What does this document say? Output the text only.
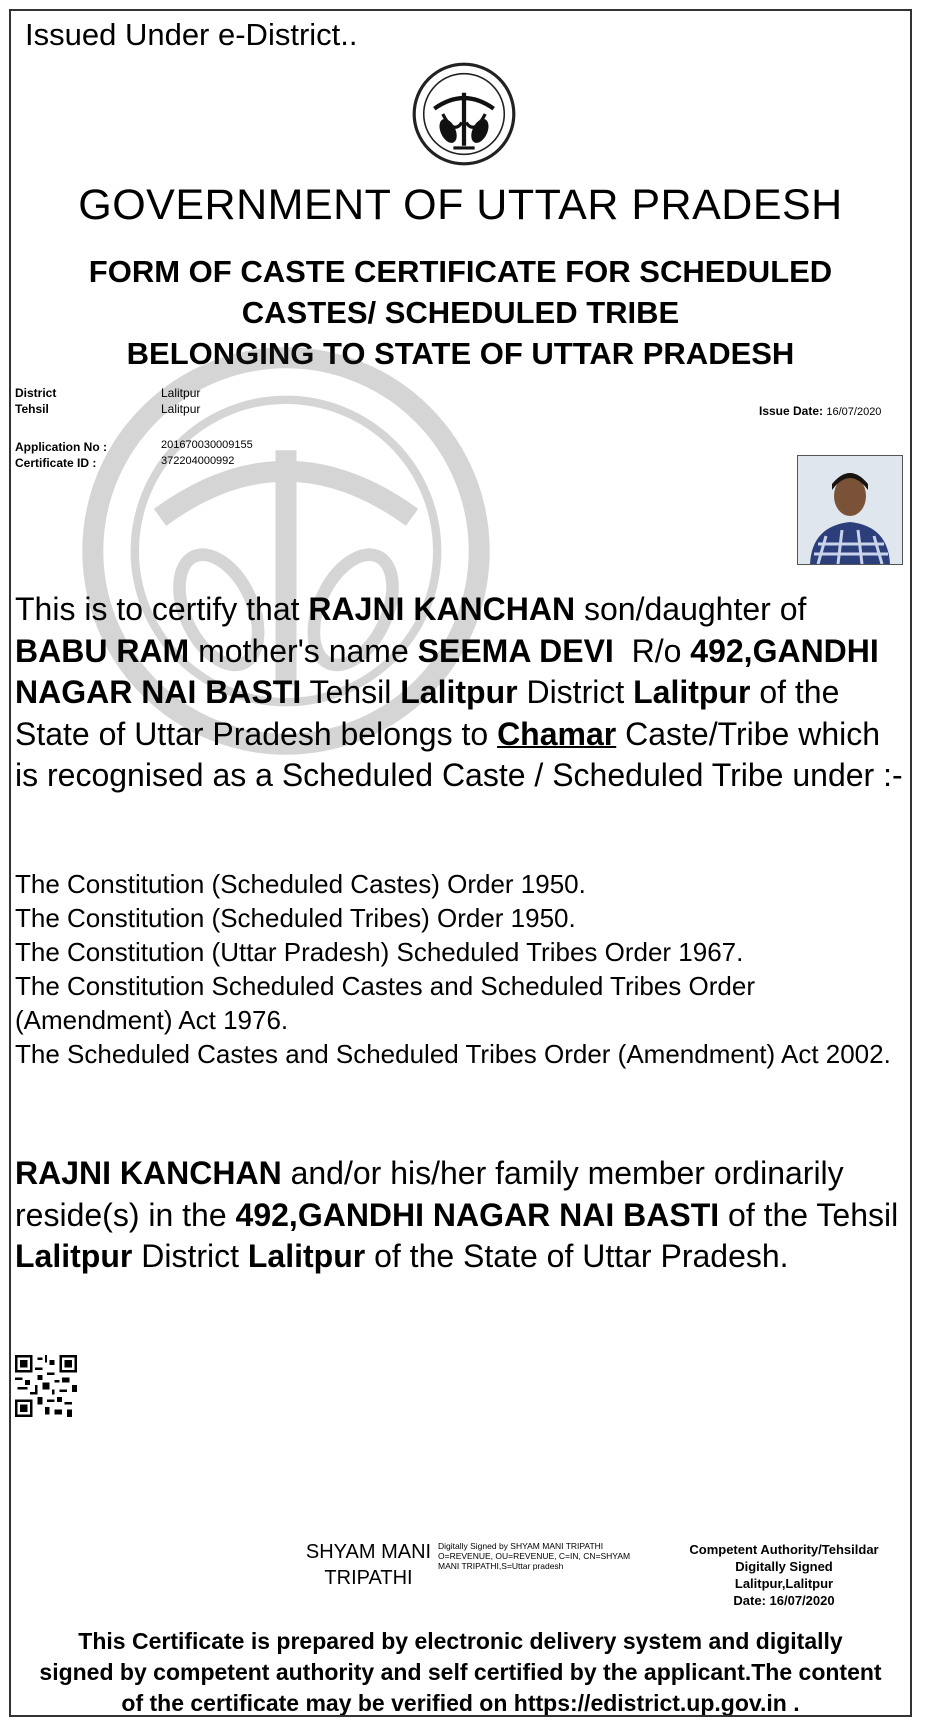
Issued Under e-District..
GOVERNMENT OF UTTAR PRADESH
FORM OF CASTE CERTIFICATE FOR SCHEDULED
CASTES/ SCHEDULED TRIBE
BELONGING TO STATE OF UTTAR PRADESH
District	Lalitpur
Tehsil	Lalitpur
Application No :	201670030009155
Certificate ID :	372204000992
Issue Date: 16/07/2020
This is to certify that RAJNI KANCHAN son/daughter of BABU RAM mother's name SEEMA DEVI R/o 492,GANDHI NAGAR NAI BASTI Tehsil Lalitpur District Lalitpur of the State of Uttar Pradesh belongs to Chamar Caste/Tribe which is recognised as a Scheduled Caste / Scheduled Tribe under :-
The Constitution (Scheduled Castes) Order 1950.
The Constitution (Scheduled Tribes) Order 1950.
The Constitution (Uttar Pradesh) Scheduled Tribes Order 1967.
The Constitution Scheduled Castes and Scheduled Tribes Order (Amendment) Act 1976.
The Scheduled Castes and Scheduled Tribes Order (Amendment) Act 2002.
RAJNI KANCHAN and/or his/her family member ordinarily reside(s) in the 492,GANDHI NAGAR NAI BASTI of the Tehsil Lalitpur District Lalitpur of the State of Uttar Pradesh.
SHYAM MANI
TRIPATHI
Digitally Signed by SHYAM MANI TRIPATHI O=REVENUE, OU=REVENUE, C=IN, CN=SHYAM MANI TRIPATHI,S=Uttar pradesh
Competent Authority/Tehsildar
Digitally Signed
Lalitpur,Lalitpur
Date: 16/07/2020
This Certificate is prepared by electronic delivery system and digitally signed by competent authority and self certified by the applicant.The content of the certificate may be verified on https://edistrict.up.gov.in .
